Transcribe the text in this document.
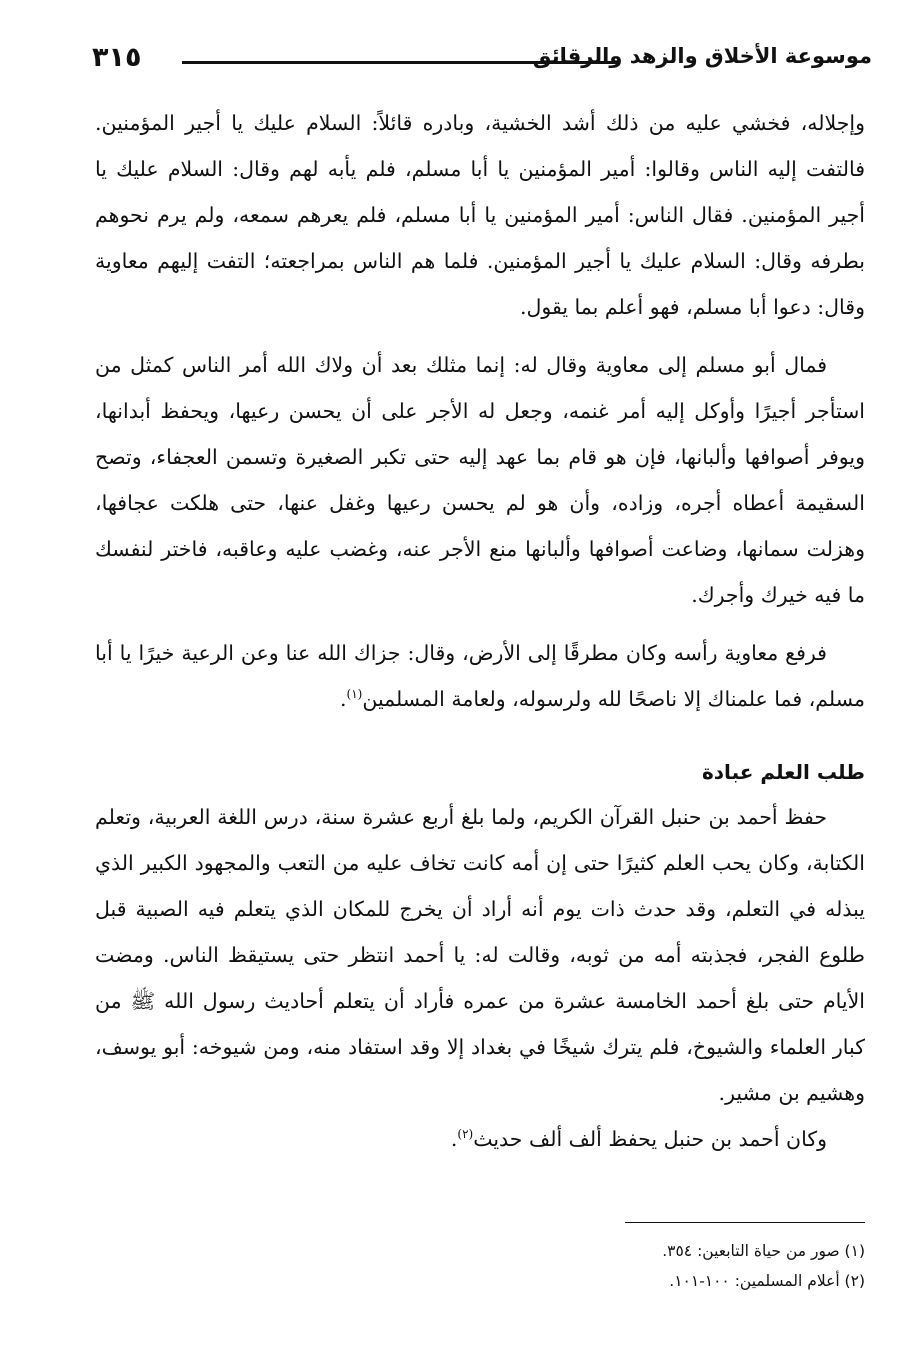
موسوعة الأخلاق والزهد والرقائق
٣١٥

وإجلاله، فخشي عليه من ذلك أشد الخشية، وبادره قائلاً: السلام عليك يا أجير المؤمنين. فالتفت إليه الناس وقالوا: أمير المؤمنين يا أبا مسلم، فلم يأبه لهم وقال: السلام عليك يا أجير المؤمنين. فقال الناس: أمير المؤمنين يا أبا مسلم، فلم يعرهم سمعه، ولم يرم نحوهم بطرفه وقال: السلام عليك يا أجير المؤمنين. فلما هم الناس بمراجعته؛ التفت إليهم معاوية وقال: دعوا أبا مسلم، فهو أعلم بما يقول.

فمال أبو مسلم إلى معاوية وقال له: إنما مثلك بعد أن ولاك الله أمر الناس كمثل من استأجر أجيرًا وأوكل إليه أمر غنمه، وجعل له الأجر على أن يحسن رعيها، ويحفظ أبدانها، ويوفر أصوافها وألبانها، فإن هو قام بما عهد إليه حتى تكبر الصغيرة وتسمن العجفاء، وتصح السقيمة أعطاه أجره، وزاده، وأن هو لم يحسن رعيها وغفل عنها، حتى هلكت عجافها، وهزلت سمانها، وضاعت أصوافها وألبانها منع الأجر عنه، وغضب عليه وعاقبه، فاختر لنفسك ما فيه خيرك وأجرك.

فرفع معاوية رأسه وكان مطرقًا إلى الأرض، وقال: جزاك الله عنا وعن الرعية خيرًا يا أبا مسلم، فما علمناك إلا ناصحًا لله ولرسوله، ولعامة المسلمين$^{(١)}$.

طلب العلم عبادة

حفظ أحمد بن حنبل القرآن الكريم، ولما بلغ أربع عشرة سنة، درس اللغة العربية، وتعلم الكتابة، وكان يحب العلم كثيرًا حتى إن أمه كانت تخاف عليه من التعب والمجهود الكبير الذي يبذله في التعلم، وقد حدث ذات يوم أنه أراد أن يخرج للمكان الذي يتعلم فيه الصبية قبل طلوع الفجر، فجذبته أمه من ثوبه، وقالت له: يا أحمد انتظر حتى يستيقظ الناس. ومضت الأيام حتى بلغ أحمد الخامسة عشرة من عمره فأراد أن يتعلم أحاديث رسول الله ﷺ من كبار العلماء والشيوخ، فلم يترك شيخًا في بغداد إلا وقد استفاد منه، ومن شيوخه: أبو يوسف، وهشيم بن مشير.

وكان أحمد بن حنبل يحفظ ألف ألف حديث$^{(٢)}$.

(١) صور من حياة التابعين: ٣٥٤.
(٢) أعلام المسلمين: ١٠٠-١٠١.
